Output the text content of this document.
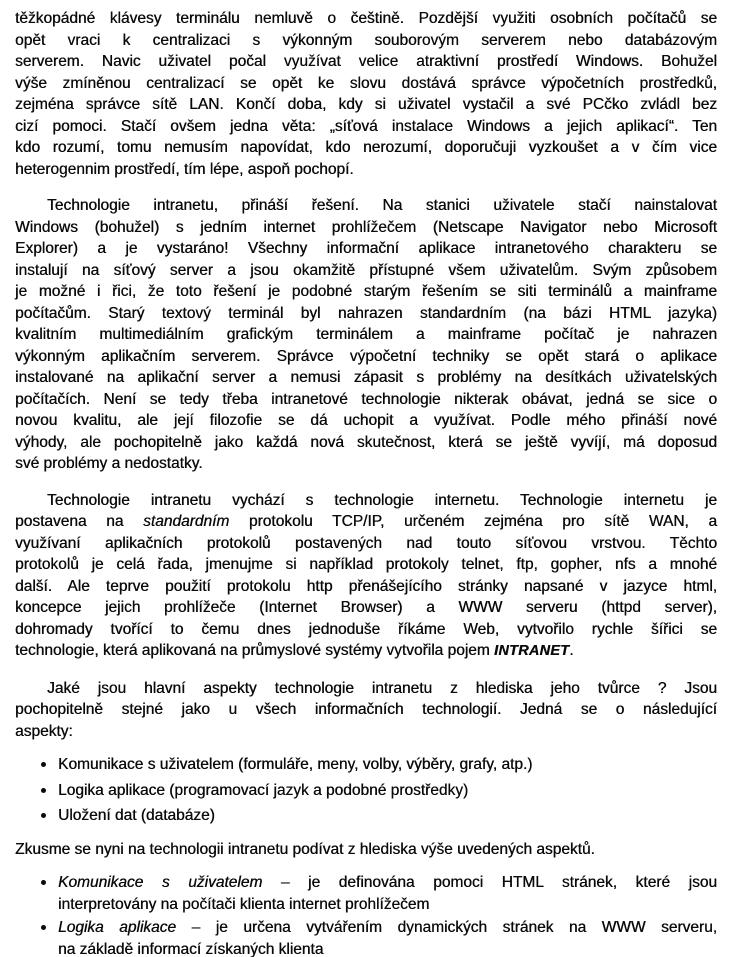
těžkopádné klávesy terminálu nemluvě o češtině. Pozdější využiti osobních počítačů se
opět vraci k centralizaci s výkonným souborovým serverem nebo databázovým
serverem. Navic uživatel počal využívat velice atraktivní prostředí Windows. Bohužel
výše zmíněnou centralizací se opět ke slovu dostává správce výpočetních prostředků,
zejména správce sítě LAN. Končí doba, kdy si uživatel vystačil a své PCčko zvládl bez
cizí pomoci. Stačí ovšem jedna věta: „síťová instalace Windows a jejich aplikací“. Ten
kdo rozumí, tomu nemusím napovídat, kdo nerozumí, doporučuji vyzkoušet a v čím vice
heterogennim prostředí, tím lépe, aspoň pochopí.
Technologie intranetu, přináší řešení. Na stanici uživatele stačí nainstalovat
Windows (bohužel) s jedním internet prohlížečem (Netscape Navigator nebo Microsoft
Explorer) a je vystaráno! Všechny informační aplikace intranetového charakteru se
instalují na síťový server a jsou okamžitě přístupné všem uživatelům. Svým způsobem
je možné i řici, že toto řešení je podobné starým řešením se siti terminálů a mainframe
počítačům. Starý textový terminál byl nahrazen standardním (na bázi HTML jazyka)
kvalitním multimediálním grafickým terminálem a mainframe počítač je nahrazen
výkonným aplikačním serverem. Správce výpočetní techniky se opět stará o aplikace
instalované na aplikační server a nemusi zápasit s problémy na desítkách uživatelských
počítačích. Není se tedy třeba intranetové technologie nikterak obávat, jedná se sice o
novou kvalitu, ale její filozofie se dá uchopit a využívat. Podle mého přináší nové
výhody, ale pochopitelně jako každá nová skutečnost, která se ještě vyvíjí, má doposud
své problémy a nedostatky.
Technologie intranetu vychází s technologie internetu. Technologie internetu je
postavena na standardním protokolu TCP/IP, určeném zejména pro sítě WAN, a
využívaní aplikačních protokolů postavených nad touto síťovou vrstvou. Těchto
protokolů je celá řada, jmenujme si například protokoly telnet, ftp, gopher, nfs a mnohé
další. Ale teprve použití protokolu http přenášejícího stránky napsané v jazyce html,
koncepce jejich prohlížeče (Internet Browser) a WWW serveru (httpd server),
dohromady tvořící to čemu dnes jednoduše říkáme Web, vytvořilo rychle šířici se
technologie, která aplikovaná na průmyslové systémy vytvořila pojem INTRANET.
Jaké jsou hlavní aspekty technologie intranetu z hlediska jeho tvůrce ? Jsou
pochopitelně stejné jako u všech informačních technologií. Jedná se o následující
aspekty:
Komunikace s uživatelem (formuláře, meny, volby, výběry, grafy, atp.)
Logika aplikace (programovací jazyk a podobné prostředky)
Uložení dat (databáze)
Zkusme se nyni na technologii intranetu podívat z hlediska výše uvedených aspektů.
Komunikace s uživatelem – je definována pomoci HTML stránek, které jsou
interpretovány na počítači klienta internet prohlížečem
Logika aplikace – je určena vytvářením dynamických stránek na WWW serveru,
na základě informací získaných klienta
